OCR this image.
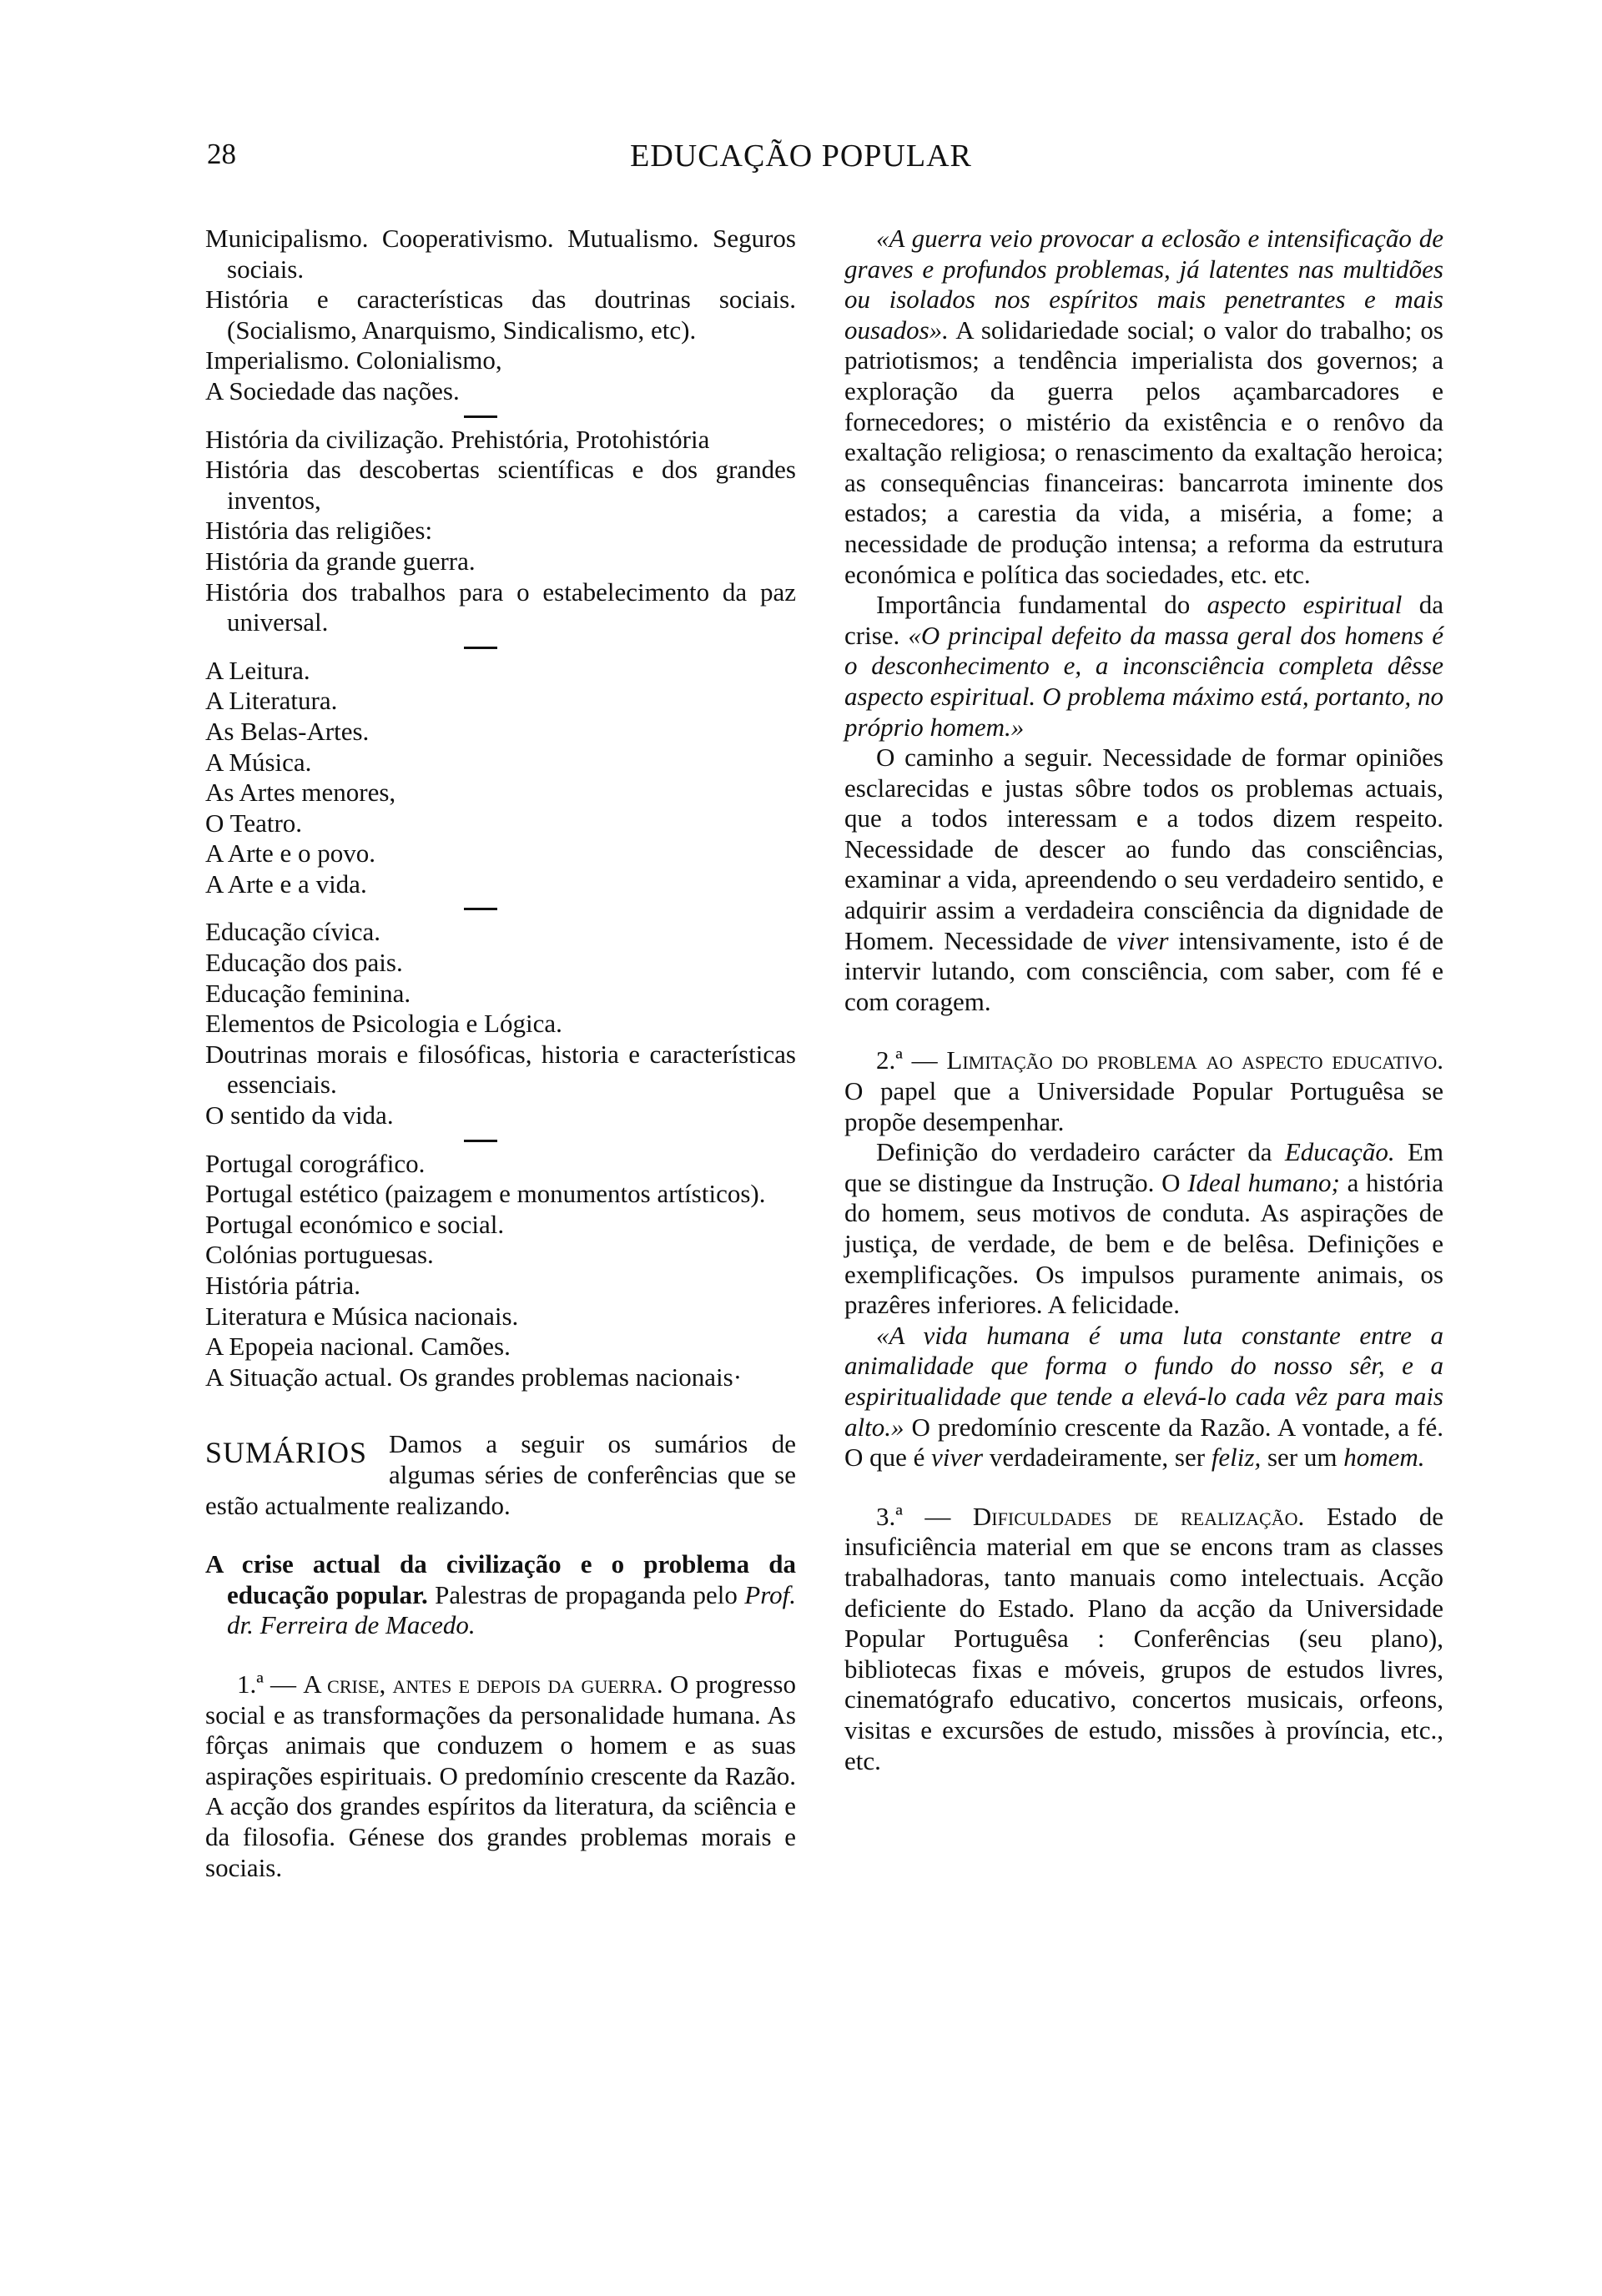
28	EDUCAÇÃO POPULAR

Municipalismo. Cooperativismo. Mutualismo. Seguros sociais.

História e características das doutrinas sociais. (Socialismo, Anarquismo, Sindicalismo, etc).

Imperialismo. Colonialismo,

A Sociedade das nações.

História da civilização. Prehistória, Protohistória

História das descobertas scientíficas e dos grandes inventos,

História das religiões:

História da grande guerra.

História dos trabalhos para o estabelecimento da paz universal.

A Leitura.

A Literatura.

As Belas-Artes.

A Música.

As Artes menores,

O Teatro.

A Arte e o povo.

A Arte e a vida.

Educação cívica.

Educação dos pais.

Educação feminina.

Elementos de Psicologia e Lógica.

Doutrinas morais e filosóficas, historia e características essenciais.

O sentido da vida.

Portugal corográfico.

Portugal estético (paizagem e monumentos artísticos).

Portugal económico e social.

Colónias portuguesas.

História pátria.

Literatura e Música nacionais.

A Epopeia nacional. Camões.

A Situação actual. Os grandes problemas nacionais·

SUMÁRIOS Damos a seguir os sumários de algumas séries de conferências que se estão actualmente realizando.

A crise actual da civilização e o problema da educação popular. Palestras de propaganda pelo Prof. dr. Ferreira de Macedo.

1.ª — A crise, antes e depois da guerra. O progresso social e as transformações da personalidade humana. As fôrças animais que conduzem o homem e as suas aspirações espirituais. O predomínio crescente da Razão. A acção dos grandes espíritos da literatura, da sciência e da filosofia. Génese dos grandes problemas morais e sociais.

«A guerra veio provocar a eclosão e intensificação de graves e profundos problemas, já latentes nas multidões ou isolados nos espíritos mais penetrantes e mais ousados». A solidariedade social; o valor do trabalho; os patriotismos; a tendência imperialista dos governos; a exploração da guerra pelos açambarcadores e fornecedores; o mistério da existência e o renôvo da exaltação religiosa; o renascimento da exaltação heroica; as consequências financeiras: bancarrota iminente dos estados; a carestia da vida, a miséria, a fome; a necessidade de produção intensa; a reforma da estrutura económica e política das sociedades, etc. etc.

Importância fundamental do aspecto espiritual da crise. «O principal defeito da massa geral dos homens é o desconhecimento e, a inconsciência completa dêsse aspecto espiritual. O problema máximo está, portanto, no próprio homem.»

O caminho a seguir. Necessidade de formar opiniões esclarecidas e justas sôbre todos os problemas actuais, que a todos interessam e a todos dizem respeito. Necessidade de descer ao fundo das consciências, examinar a vida, apreendendo o seu verdadeiro sentido, e adquirir assim a verdadeira consciência da dignidade de Homem. Necessidade de viver intensivamente, isto é de intervir lutando, com consciência, com saber, com fé e com coragem.

2.ª — Limitação do problema ao aspecto educativo. O papel que a Universidade Popular Portuguêsa se propõe desempenhar.

Definição do verdadeiro carácter da Educação. Em que se distingue da Instrução. O Ideal humano; a história do homem, seus motivos de conduta. As aspirações de justiça, de verdade, de bem e de belêsa. Definições e exemplificações. Os impulsos puramente animais, os prazêres inferiores. A felicidade.

«A vida humana é uma luta constante entre a animalidade que forma o fundo do nosso sêr, e a espiritualidade que tende a elevá-lo cada vêz para mais alto.» O predomínio crescente da Razão. A vontade, a fé. O que é viver verdadeiramente, ser feliz, ser um homem.

3.ª — Dificuldades de realização. Estado de insuficiência material em que se encons tram as classes trabalhadoras, tanto manuais como intelectuais. Acção deficiente do Estado. Plano da acção da Universidade Popular Portuguêsa : Conferências (seu plano), bibliotecas fixas e móveis, grupos de estudos livres, cinematógrafo educativo, concertos musicais, orfeons, visitas e excursões de estudo, missões à província, etc., etc.
